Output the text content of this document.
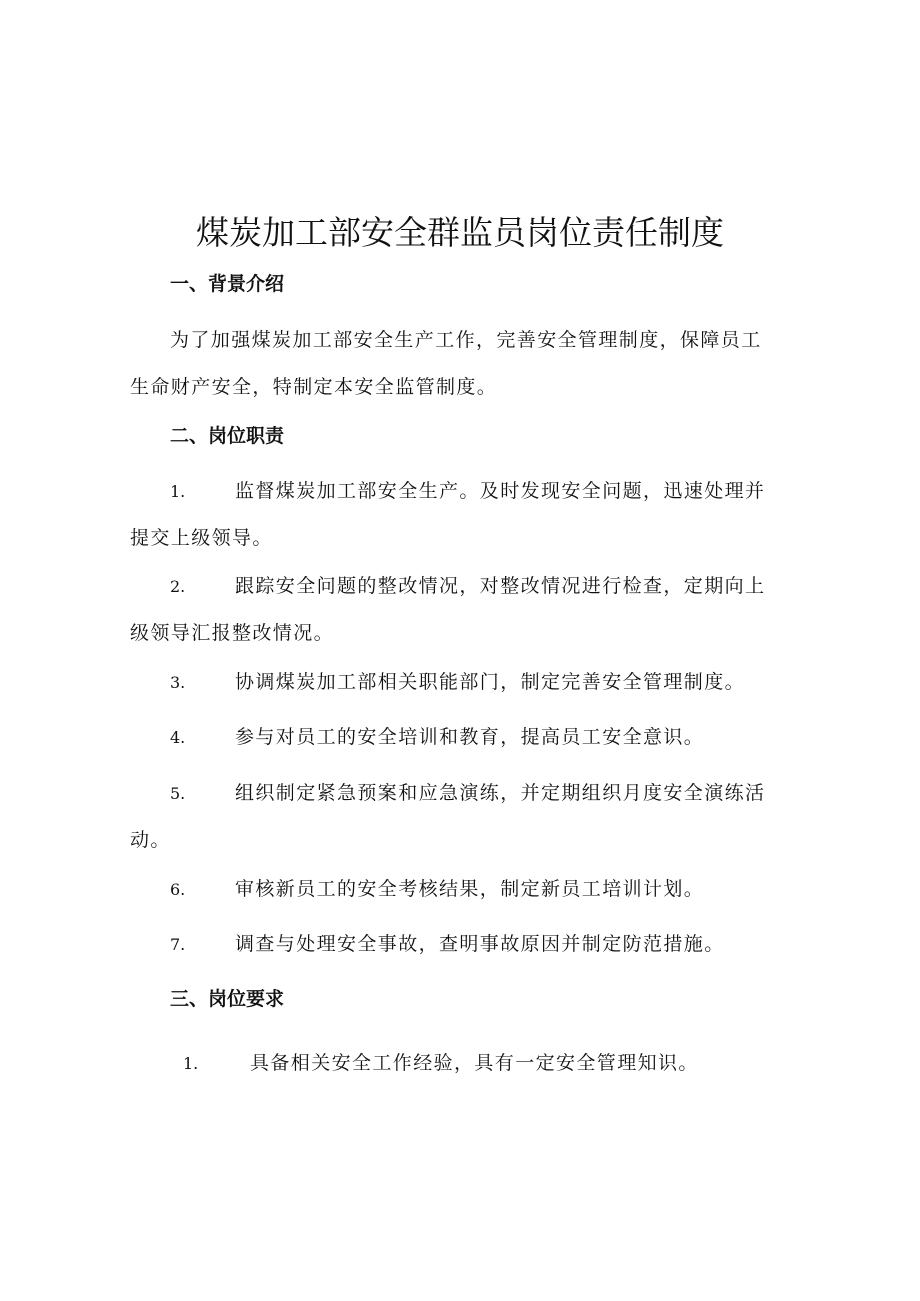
煤炭加工部安全群监员岗位责任制度
一、背景介绍

为了加强煤炭加工部安全生产工作，完善安全管理制度，保障员工生命财产安全，特制定本安全监管制度。

二、岗位职责
1.	监督煤炭加工部安全生产。及时发现安全问题，迅速处理并提交上级领导。
2.	跟踪安全问题的整改情况，对整改情况进行检查，定期向上级领导汇报整改情况。
3.	协调煤炭加工部相关职能部门，制定完善安全管理制度。
4.	参与对员工的安全培训和教育，提高员工安全意识。
5.	组织制定紧急预案和应急演练，并定期组织月度安全演练活动。
6.	审核新员工的安全考核结果，制定新员工培训计划。
7.	调查与处理安全事故，查明事故原因并制定防范措施。
三、岗位要求
1.	具备相关安全工作经验，具有一定安全管理知识。
